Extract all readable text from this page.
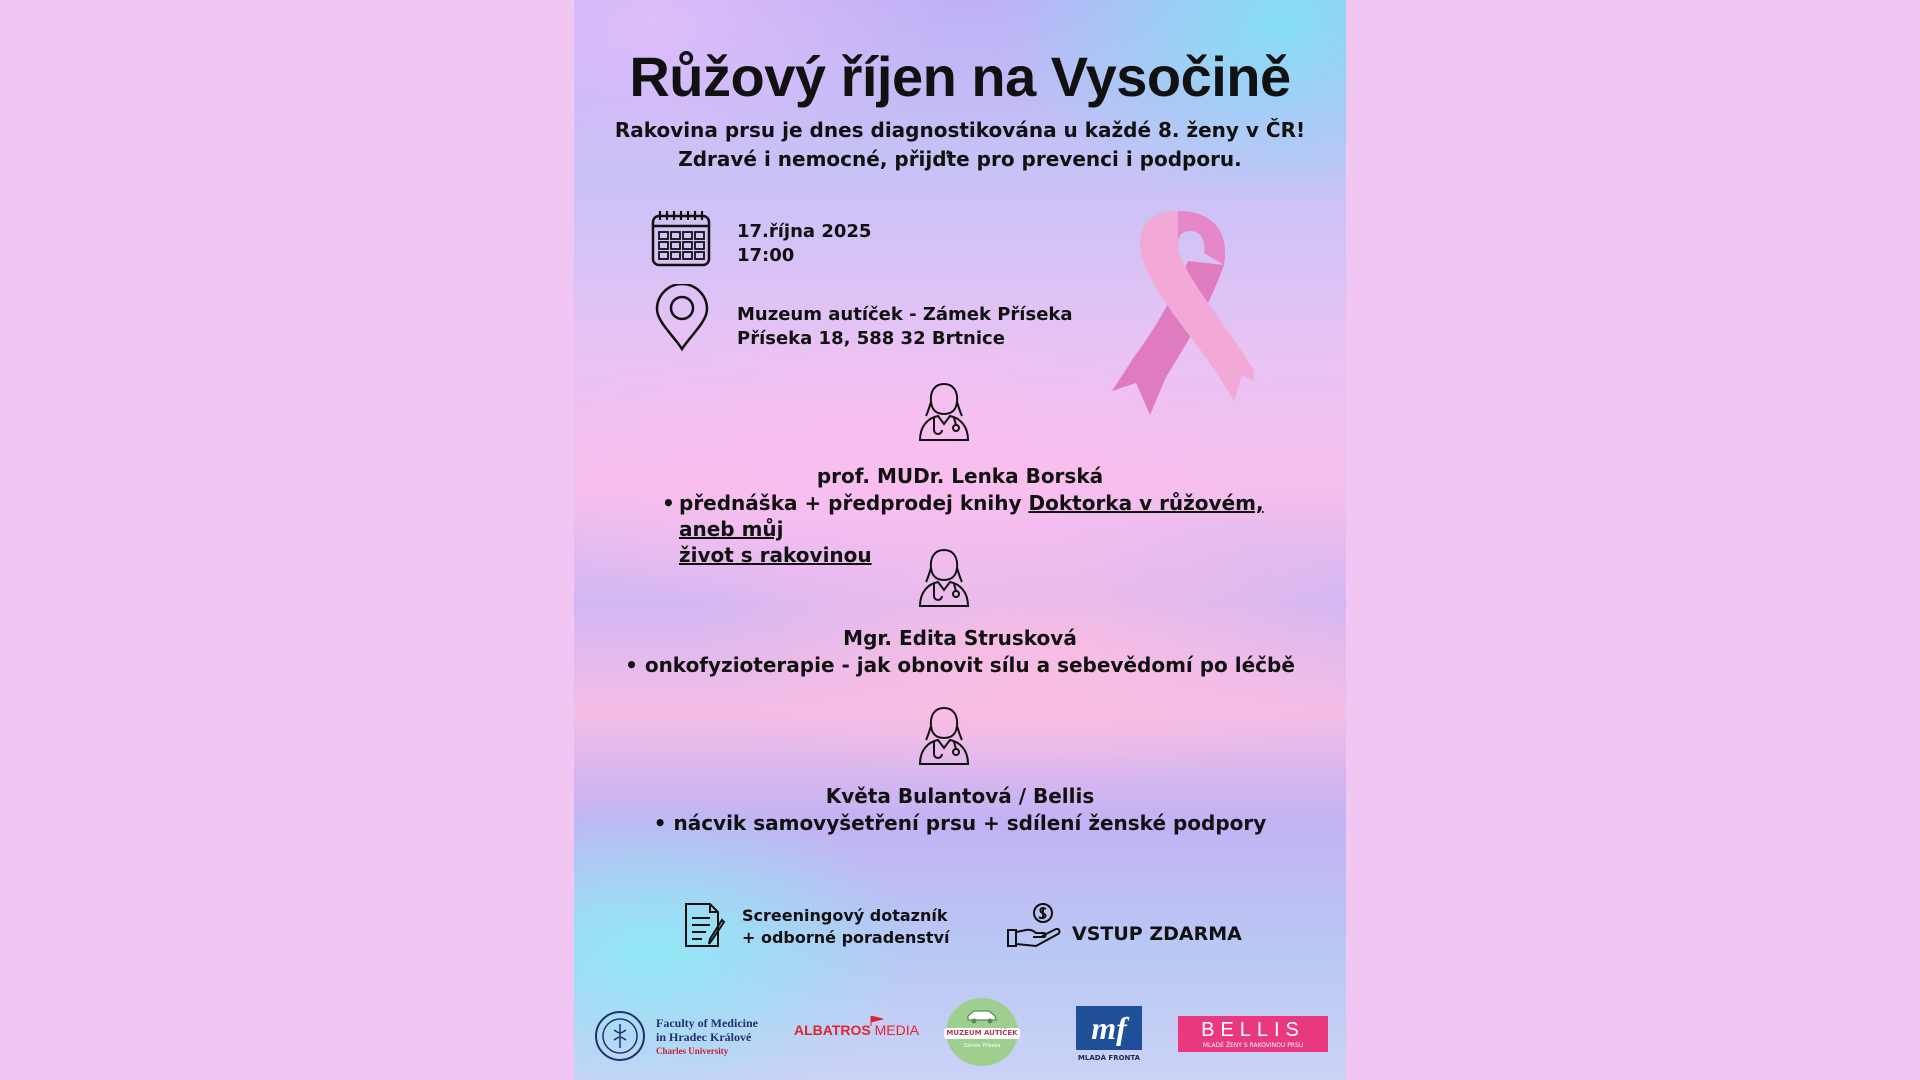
Růžový říjen na Vysočině
Rakovina prsu je dnes diagnostikována u každé 8. ženy v ČR!
Zdravé i nemocné, přijďte pro prevenci i podporu.
17.října 2025
17:00
Muzeum autíček - Zámek Příseka
Příseka 18, 588 32 Brtnice
prof. MUDr. Lenka Borská
• přednáška + předprodej knihy Doktorka v růžovém, aneb můj
život s rakovinou
Mgr. Edita Strusková
• onkofyzioterapie - jak obnovit sílu a sebevědomí po léčbě
Květa Bulantová / Bellis
• nácvik samovyšetření prsu + sdílení ženské podpory
Screeningový dotazník
+ odborné poradenství	VSTUP ZDARMA
Faculty of Medicine
in Hradec Králové
Charles University
ALBATROS MEDIA	MUZEUM AUTÍČEK
Zámek Příseka	mf
MLADÁ FRONTA
BELLIS
MLADÉ ŽENY S RAKOVINOU PRSU
